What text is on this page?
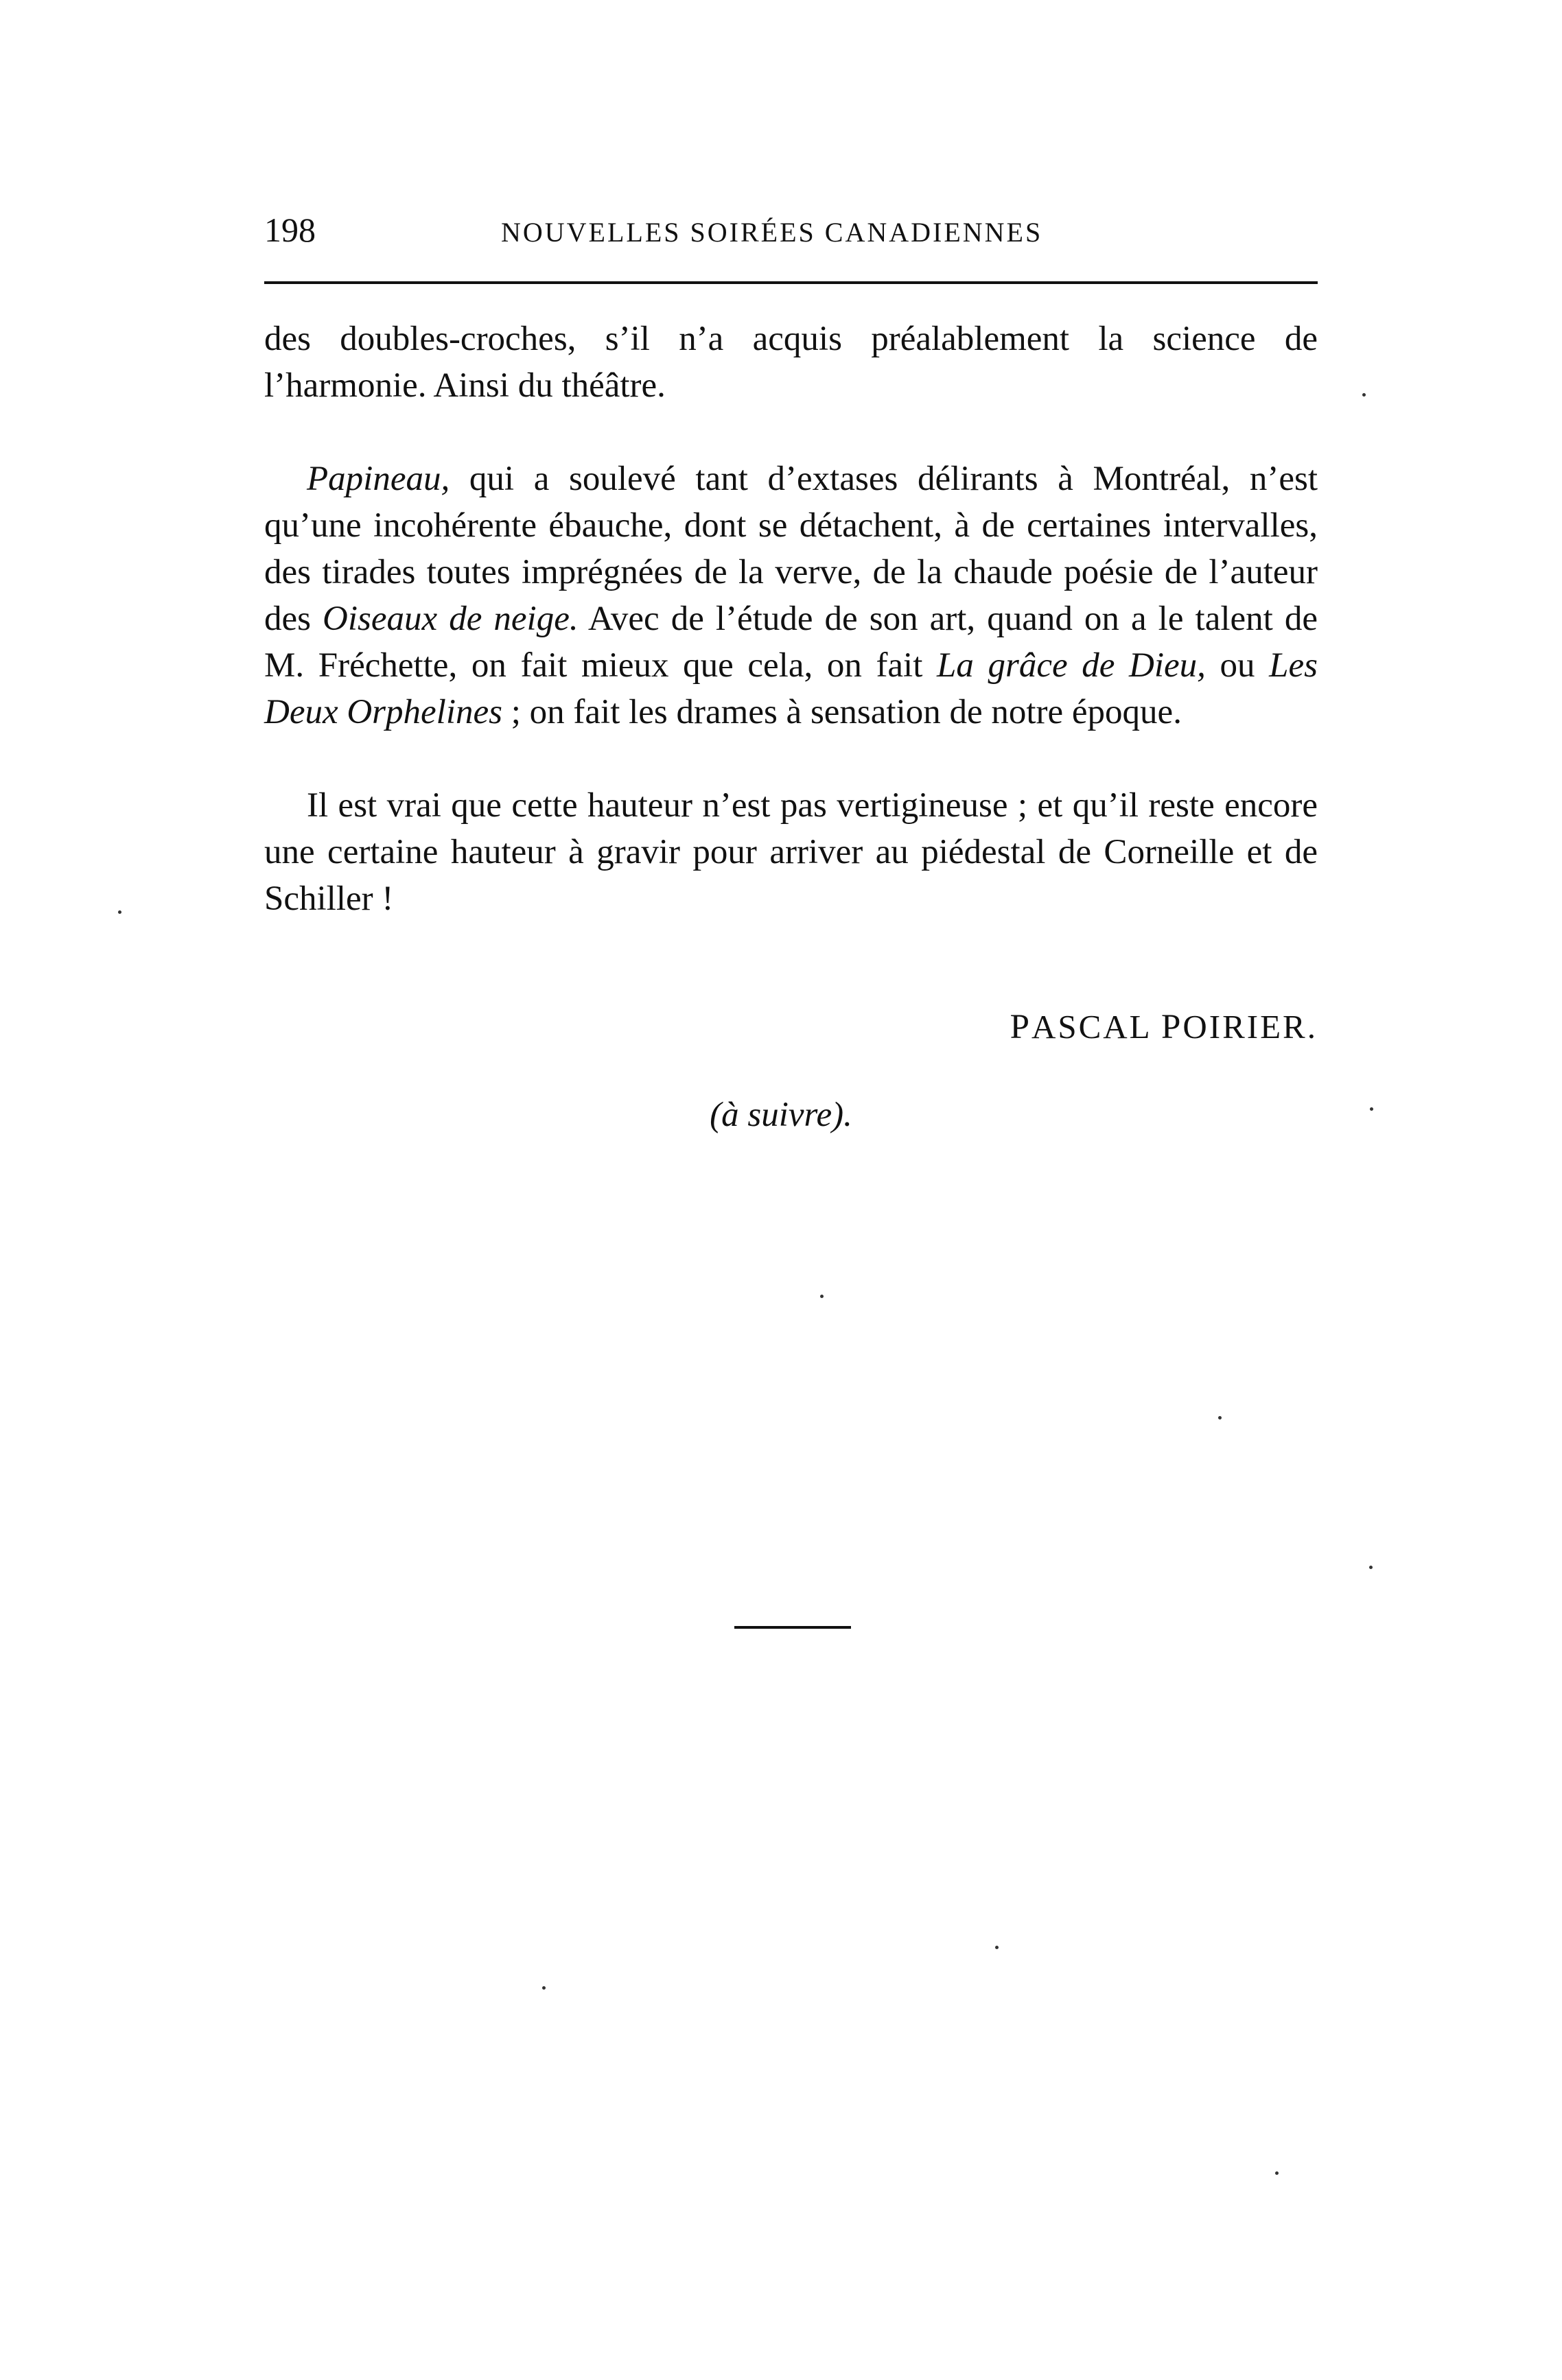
198	NOUVELLES SOIRÉES CANADIENNES

des doubles-croches, s’il n’a acquis préalablement la science de l’harmonie. Ainsi du théâtre.

Papineau, qui a soulevé tant d’extases délirants à Montréal, n’est qu’une incohérente ébauche, dont se détachent, à de certaines intervalles, des tirades toutes imprégnées de la verve, de la chaude poésie de l’auteur des Oiseaux de neige. Avec de l’étude de son art, quand on a le talent de M. Fréchette, on fait mieux que cela, on fait La grâce de Dieu, ou Les Deux Orphelines ; on fait les drames à sensation de notre époque.

Il est vrai que cette hauteur n’est pas vertigineuse ; et qu’il reste encore une certaine hauteur à gravir pour arriver au piédestal de Corneille et de Schiller !

PASCAL POIRIER.
(à suivre).
